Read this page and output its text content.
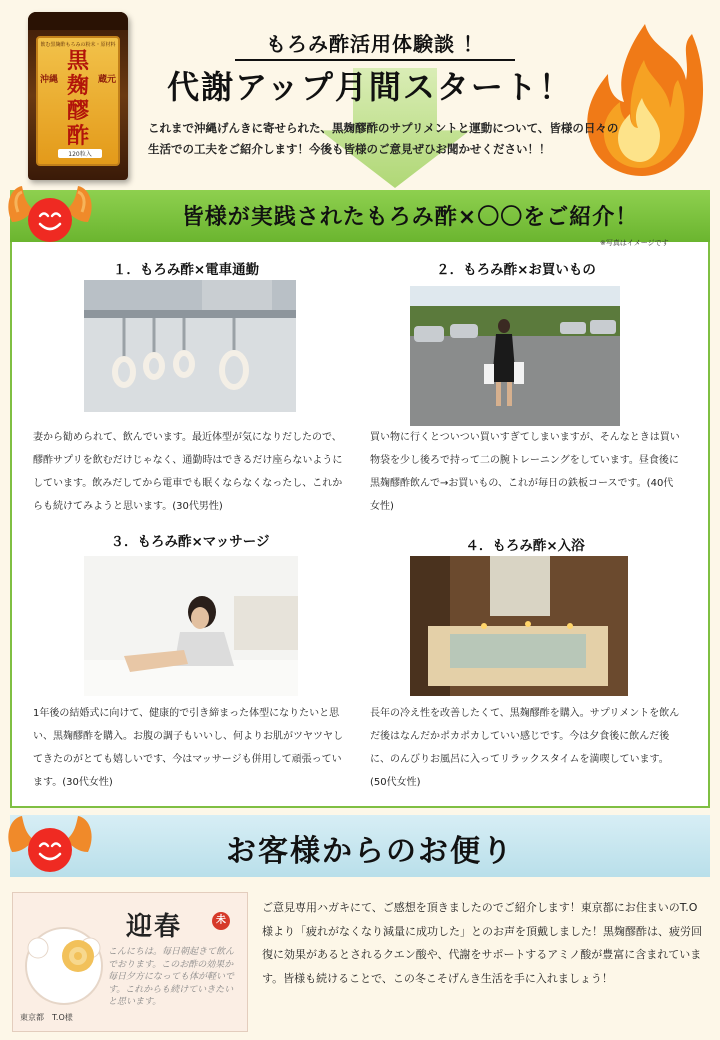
飲む黒麹酢もろみの粉末・原材料
黒
麹
醪
酢
沖縄	蔵元
120粒入
もろみ酢活用体験談 ！
代謝アップ月間スタート！
これまで沖縄げんきに寄せられた、黒麹醪酢のサプリメントと運動について、皆様の日々の生活での工夫をご紹介します！今後も皆様のご意見ぜひお聞かせください！！
皆様が実践されたもろみ酢×〇〇をご紹介！
※写真はイメージです
１．もろみ酢×電車通勤
妻から勧められて、飲んでいます。最近体型が気になりだしたので、醪酢サプリを飲むだけじゃなく、通勤時はできるだけ座らないようにしています。飲みだしてから電車でも眠くならなくなったし、これからも続けてみようと思います。(30代男性)
２．もろみ酢×お買いもの
買い物に行くとついつい買いすぎてしまいますが、そんなときは買い物袋を少し後ろで持って二の腕トレーニングをしています。昼食後に黒麹醪酢飲んで→お買いもの、これが毎日の鉄板コースです。(40代女性)
３．もろみ酢×マッサージ
1年後の結婚式に向けて、健康的で引き締まった体型になりたいと思い、黒麹醪酢を購入。お腹の調子もいいし、何よりお肌がツヤツヤしてきたのがとても嬉しいです、今はマッサージも併用して頑張っています。(30代女性)
４．もろみ酢×入浴
長年の冷え性を改善したくて、黒麹醪酢を購入。サプリメントを飲んだ後はなんだかポカポカしていい感じです。今は夕食後に飲んだ後に、のんびりお風呂に入ってリラックスタイムを満喫しています。(50代女性)
お客様からのお便り
迎春	未
こんにちは。毎日朝起きて飲んでおります。このお酢の効果か毎日夕方になっても体が軽いです。これからも続けていきたいと思います。
東京都　T.O様
ご意見専用ハガキにて、ご感想を頂きましたのでご紹介します！東京都にお住まいのT.O様より「疲れがなくなり減量に成功した」とのお声を頂戴しました！黒麹醪酢は、疲労回復に効果があるとされるクエン酸や、代謝をサポートするアミノ酸が豊富に含まれています。皆様も続けることで、この冬こそげんき生活を手に入れましょう！
